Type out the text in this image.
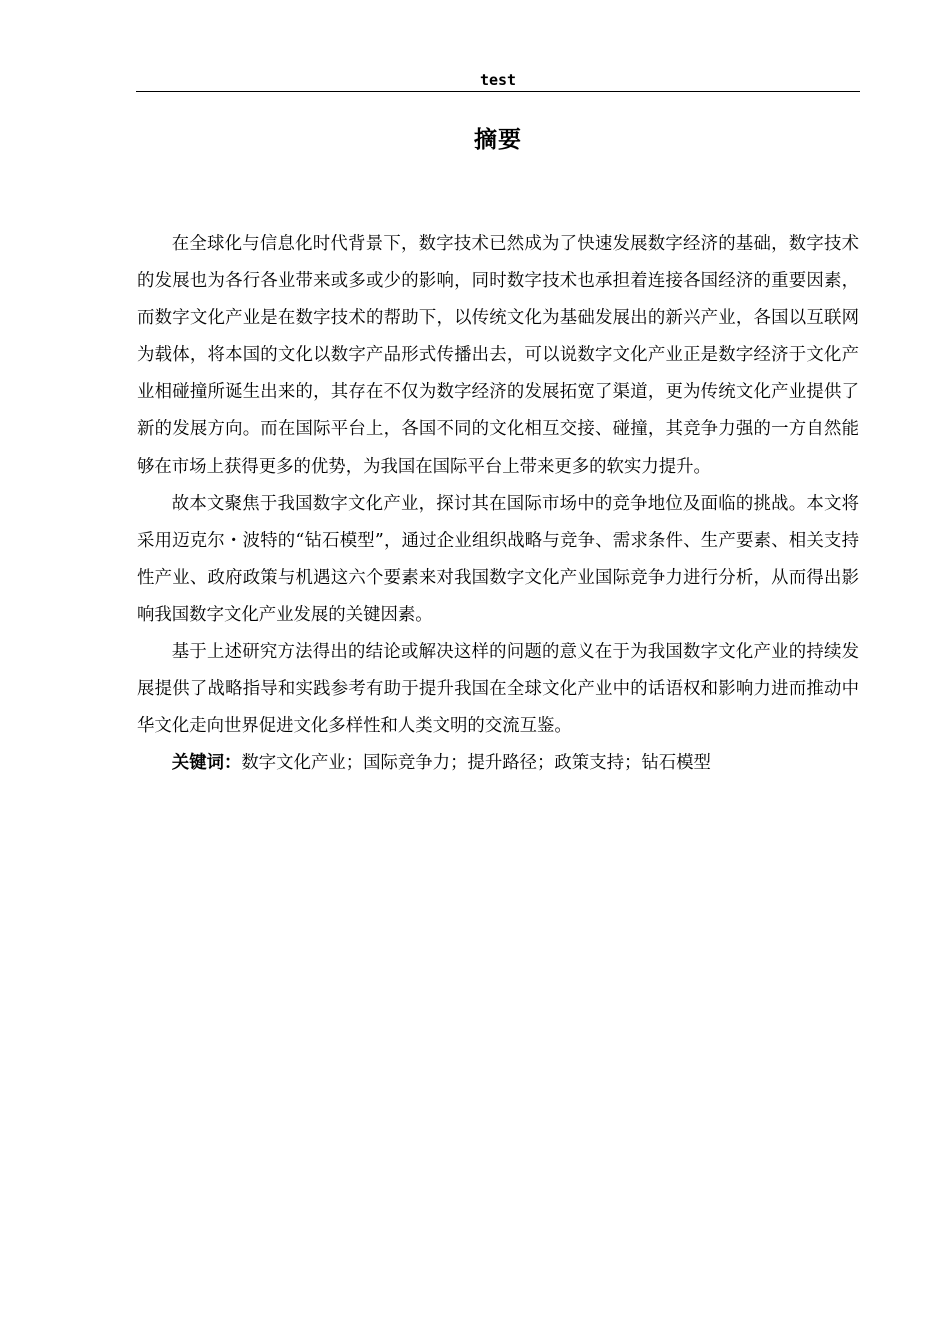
test
摘要

在全球化与信息化时代背景下，数字技术已然成为了快速发展数字经济的基础，数字技术的发展也为各行各业带来或多或少的影响，同时数字技术也承担着连接各国经济的重要因素，而数字文化产业是在数字技术的帮助下，以传统文化为基础发展出的新兴产业，各国以互联网为载体，将本国的文化以数字产品形式传播出去，可以说数字文化产业正是数字经济于文化产业相碰撞所诞生出来的，其存在不仅为数字经济的发展拓宽了渠道，更为传统文化产业提供了新的发展方向。而在国际平台上，各国不同的文化相互交接、碰撞，其竞争力强的一方自然能够在市场上获得更多的优势，为我国在国际平台上带来更多的软实力提升。

故本文聚焦于我国数字文化产业，探讨其在国际市场中的竞争地位及面临的挑战。本文将采用迈克尔・波特的“钻石模型”，通过企业组织战略与竞争、需求条件、生产要素、相关支持性产业、政府政策与机遇这六个要素来对我国数字文化产业国际竞争力进行分析，从而得出影响我国数字文化产业发展的关键因素。

基于上述研究方法得出的结论或解决这样的问题的意义在于为我国数字文化产业的持续发展提供了战略指导和实践参考有助于提升我国在全球文化产业中的话语权和影响力进而推动中华文化走向世界促进文化多样性和人类文明的交流互鉴。

关键词：数字文化产业；国际竞争力；提升路径；政策支持；钻石模型
